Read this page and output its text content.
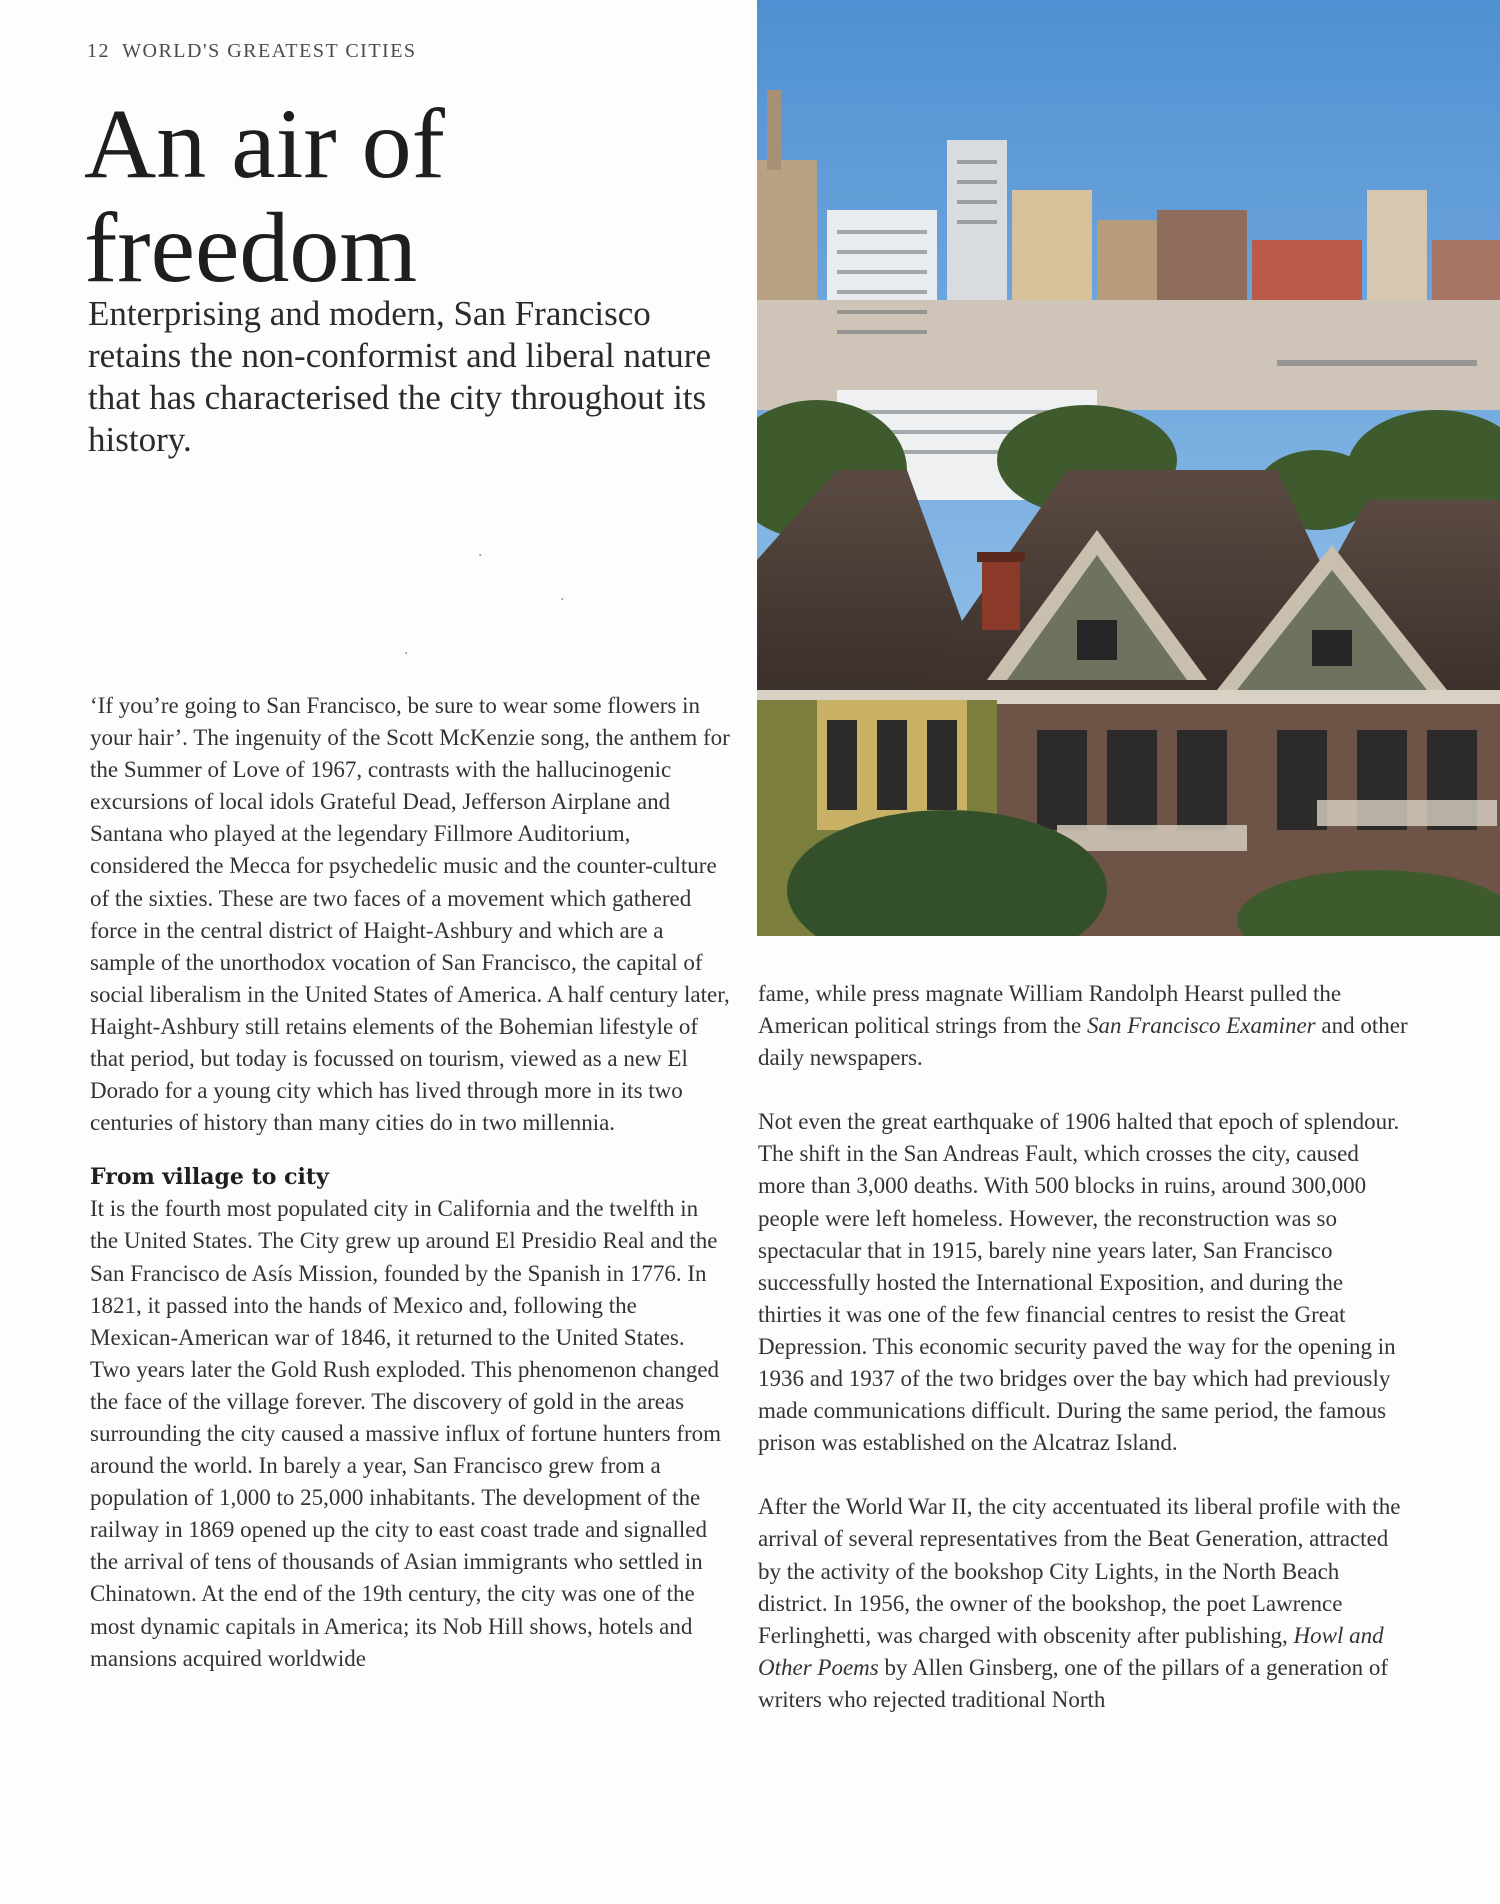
12 WORLD'S GREATEST CITIES
An air of freedom

Enterprising and modern, San Francisco retains the non-conformist and liberal nature that has characterised the city throughout its history.

·
·
·

‘If you’re going to San Francisco, be sure to wear some flowers in your hair’. The ingenuity of the Scott McKenzie song, the anthem for the Summer of Love of 1967, contrasts with the hallucinogenic excursions of local idols Grateful Dead, Jefferson Airplane and Santana who played at the legendary Fillmore Auditorium, considered the Mecca for psychedelic music and the counter-culture of the sixties. These are two faces of a movement which gathered force in the central district of Haight-Ashbury and which are a sample of the unorthodox vocation of San Francisco, the capital of social liberalism in the United States of America. A half century later, Haight-Ashbury still retains elements of the Bohemian lifestyle of that period, but today is focussed on tourism, viewed as a new El Dorado for a young city which has lived through more in its two centuries of history than many cities do in two millennia.

From village to city

It is the fourth most populated city in California and the twelfth in the United States. The City grew up around El Presidio Real and the San Francisco de Asís Mission, founded by the Spanish in 1776. In 1821, it passed into the hands of Mexico and, following the Mexican-American war of 1846, it returned to the United States. Two years later the Gold Rush exploded. This phenomenon changed the face of the village forever. The discovery of gold in the areas surrounding the city caused a massive influx of fortune hunters from around the world. In barely a year, San Francisco grew from a population of 1,000 to 25,000 inhabitants. The development of the railway in 1869 opened up the city to east coast trade and signalled the arrival of tens of thousands of Asian immigrants who settled in Chinatown. At the end of the 19th century, the city was one of the most dynamic capitals in America; its Nob Hill shows, hotels and mansions acquired worldwide

fame, while press magnate William Randolph Hearst pulled the American political strings from the San Francisco Examiner and other daily newspapers.

Not even the great earthquake of 1906 halted that epoch of splendour. The shift in the San Andreas Fault, which crosses the city, caused more than 3,000 deaths. With 500 blocks in ruins, around 300,000 people were left homeless. However, the reconstruction was so spectacular that in 1915, barely nine years later, San Francisco successfully hosted the International Exposition, and during the thirties it was one of the few financial centres to resist the Great Depression. This economic security paved the way for the opening in 1936 and 1937 of the two bridges over the bay which had previously made communications difficult. During the same period, the famous prison was established on the Alcatraz Island.

After the World War II, the city accentuated its liberal profile with the arrival of several representatives from the Beat Generation, attracted by the activity of the bookshop City Lights, in the North Beach district. In 1956, the owner of the bookshop, the poet Lawrence Ferlinghetti, was charged with obscenity after publishing, Howl and Other Poems by Allen Ginsberg, one of the pillars of a generation of writers who rejected traditional North
